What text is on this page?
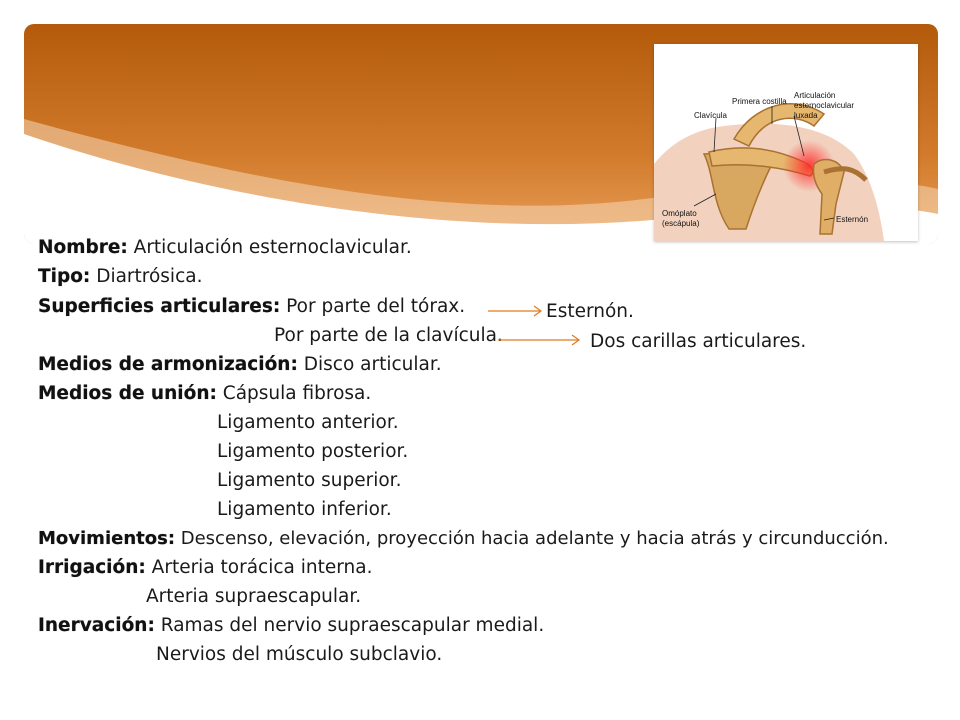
Primera costilla
Articulación
esternoclavicular
luxada
Clavícula
Omóplato
(escápula)	Esternón
Nombre: Articulación esternoclavicular.
Tipo: Diartrósica.
Superficies articulares: Por parte del tórax.
Por parte de la clavícula.
Esternón.
Dos carillas articulares.
Medios de armonización: Disco articular.
Medios de unión: Cápsula fibrosa.
Ligamento anterior.
Ligamento posterior.
Ligamento superior.
Ligamento inferior.
Movimientos: Descenso, elevación, proyección hacia adelante y hacia atrás y circunducción.
Irrigación: Arteria torácica interna.
Arteria supraescapular.
Inervación: Ramas del nervio supraescapular medial.
Nervios del músculo subclavio.
